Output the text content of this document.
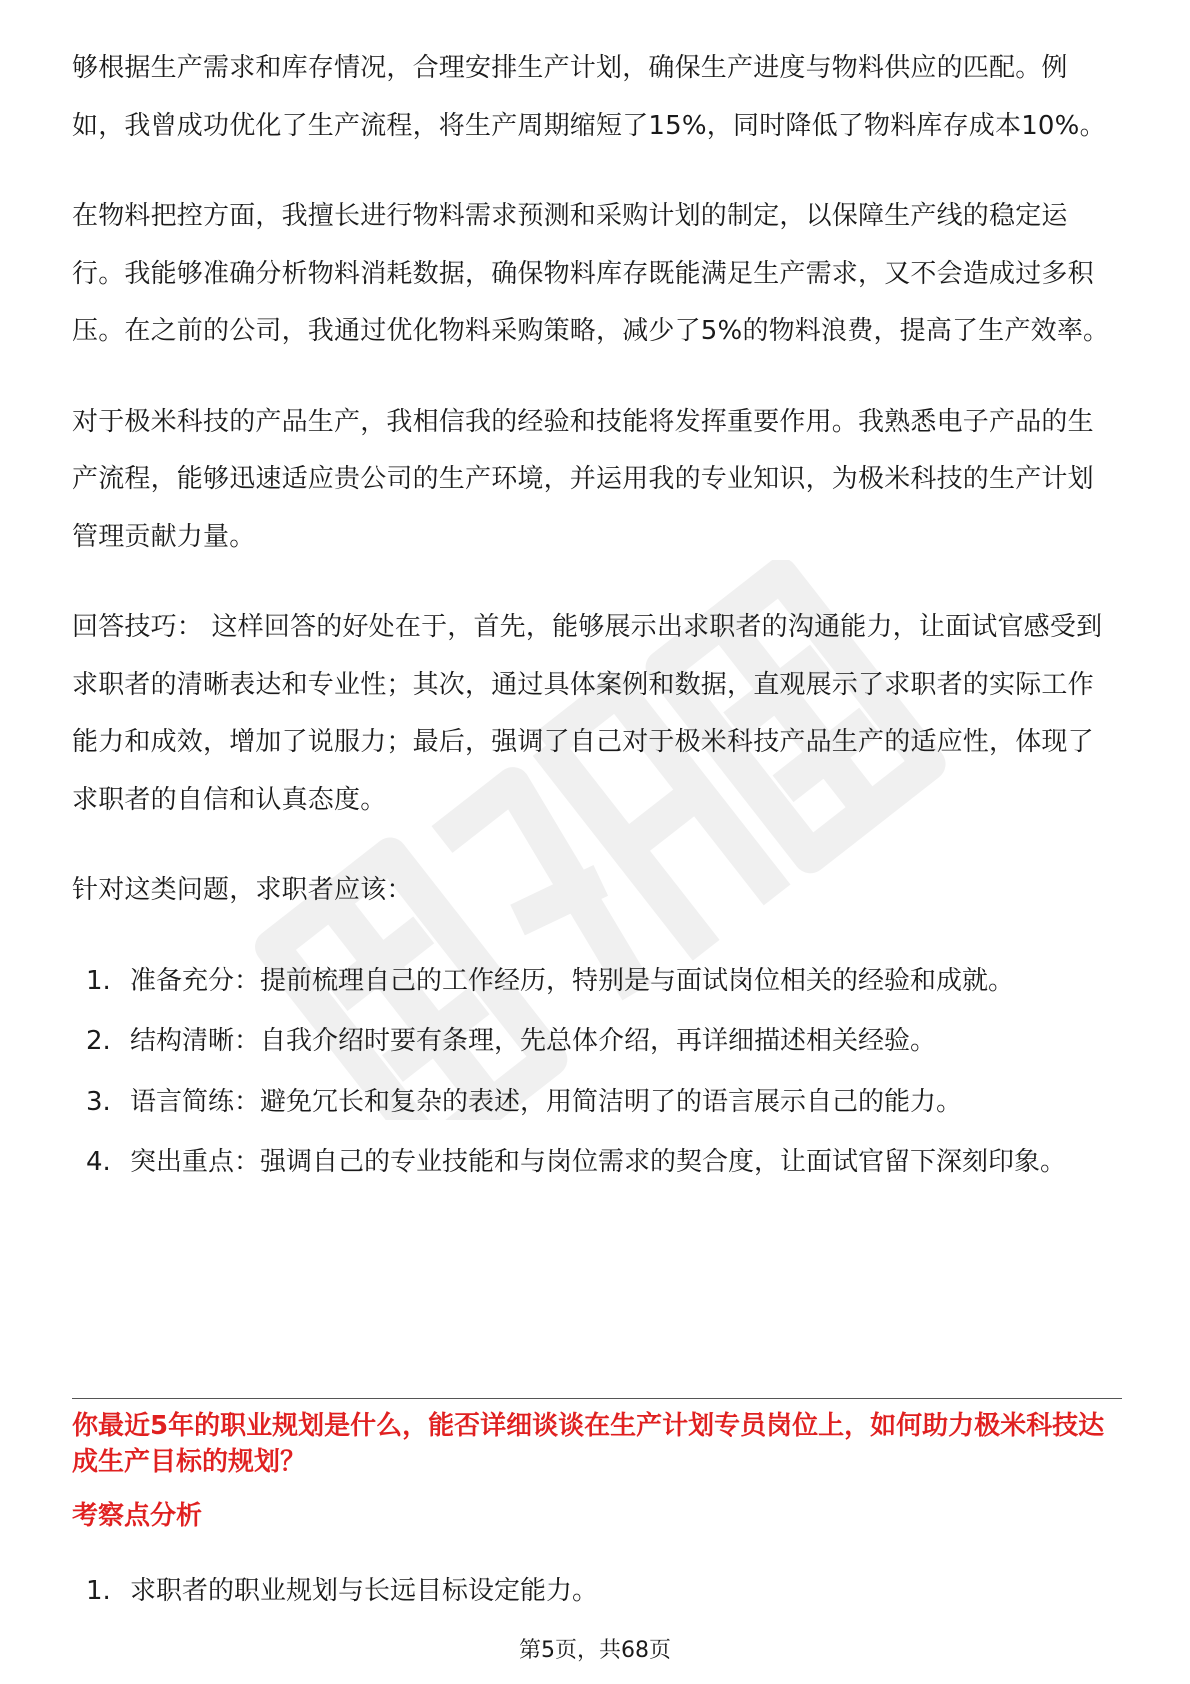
够根据生产需求和库存情况，合理安排生产计划，确保生产进度与物料供应的匹配。例如，我曾成功优化了生产流程，将生产周期缩短了15%，同时降低了物料库存成本10%。

在物料把控方面，我擅长进行物料需求预测和采购计划的制定，以保障生产线的稳定运行。我能够准确分析物料消耗数据，确保物料库存既能满足生产需求，又不会造成过多积压。在之前的公司，我通过优化物料采购策略，减少了5%的物料浪费，提高了生产效率。

对于极米科技的产品生产，我相信我的经验和技能将发挥重要作用。我熟悉电子产品的生产流程，能够迅速适应贵公司的生产环境，并运用我的专业知识，为极米科技的生产计划管理贡献力量。

回答技巧： 这样回答的好处在于，首先，能够展示出求职者的沟通能力，让面试官感受到求职者的清晰表达和专业性；其次，通过具体案例和数据，直观展示了求职者的实际工作能力和成效，增加了说服力；最后，强调了自己对于极米科技产品生产的适应性，体现了求职者的自信和认真态度。

针对这类问题，求职者应该：

1. 准备充分：提前梳理自己的工作经历，特别是与面试岗位相关的经验和成就。
2. 结构清晰：自我介绍时要有条理，先总体介绍，再详细描述相关经验。
3. 语言简练：避免冗长和复杂的表述，用简洁明了的语言展示自己的能力。
4. 突出重点：强调自己的专业技能和与岗位需求的契合度，让面试官留下深刻印象。
你最近5年的职业规划是什么，能否详细谈谈在生产计划专员岗位上，如何助力极米科技达成生产目标的规划？
考察点分析
1. 求职者的职业规划与长远目标设定能力。
第5页，共68页
